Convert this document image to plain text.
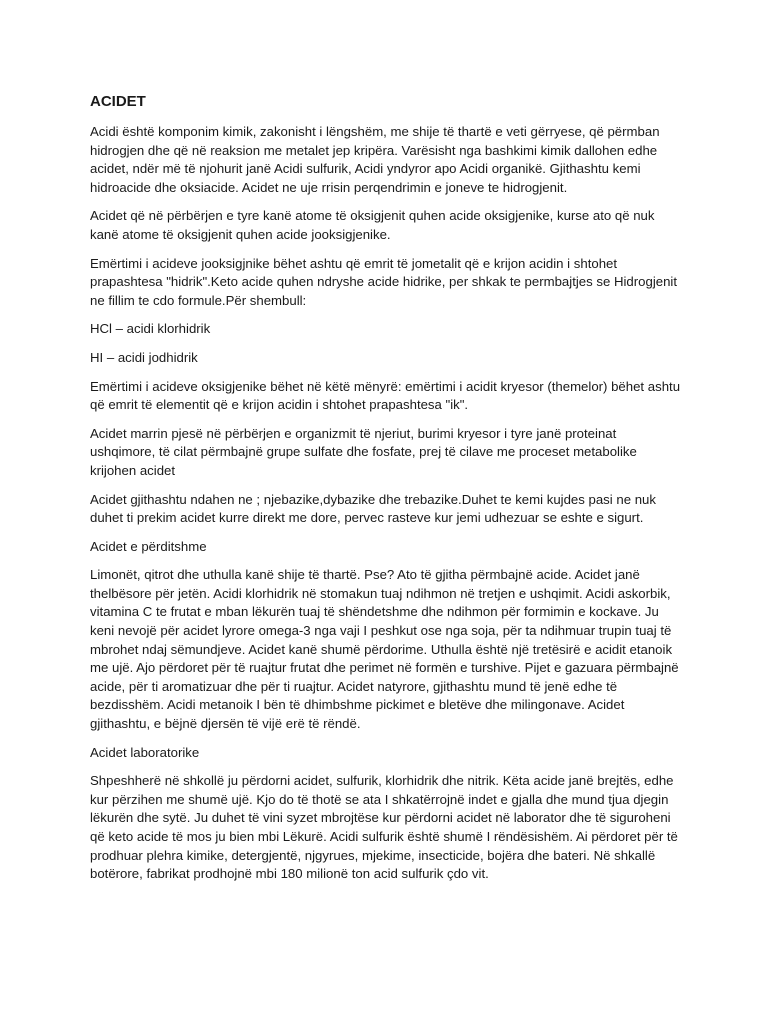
ACIDET

Acidi është komponim kimik, zakonisht i lëngshëm, me shije të thartë e veti gërryese, që përmban hidrogjen dhe që në reaksion me metalet jep kripëra. Varësisht nga bashkimi kimik dallohen edhe acidet, ndër më të njohurit janë Acidi sulfurik, Acidi yndyror apo Acidi organikë. Gjithashtu kemi hidroacide dhe oksiacide. Acidet ne uje rrisin perqendrimin e joneve te hidrogjenit.

Acidet që në përbërjen e tyre kanë atome të oksigjenit quhen acide oksigjenike, kurse ato që nuk kanë atome të oksigjenit quhen acide jooksigjenike.

Emërtimi i acideve jooksigjnike bëhet ashtu që emrit të jometalit që e krijon acidin i shtohet prapashtesa "hidrik".Keto acide quhen ndryshe acide hidrike, per shkak te permbajtjes se Hidrogjenit ne fillim te cdo formule.Për shembull:

HCl – acidi klorhidrik

HI – acidi jodhidrik

Emërtimi i acideve oksigjenike bëhet në këtë mënyrë: emërtimi i acidit kryesor (themelor) bëhet ashtu që emrit të elementit që e krijon acidin i shtohet prapashtesa "ik".

Acidet marrin pjesë në përbërjen e organizmit të njeriut, burimi kryesor i tyre janë proteinat ushqimore, të cilat përmbajnë grupe sulfate dhe fosfate, prej të cilave me proceset metabolike krijohen acidet

Acidet gjithashtu ndahen ne ; njebazike,dybazike dhe trebazike.Duhet te kemi kujdes pasi ne nuk duhet ti prekim acidet kurre direkt me dore, pervec rasteve kur jemi udhezuar se eshte e sigurt.

Acidet e përditshme

Limonët, qitrot dhe uthulla kanë shije të thartë. Pse? Ato të gjitha përmbajnë acide. Acidet janë thelbësore për jetën. Acidi klorhidrik në stomakun tuaj ndihmon në tretjen e ushqimit. Acidi askorbik, vitamina C te frutat e mban lëkurën tuaj të shëndetshme dhe ndihmon për formimin e kockave. Ju keni nevojë për acidet lyrore omega-3 nga vaji I peshkut ose nga soja, për ta ndihmuar trupin tuaj të mbrohet ndaj sëmundjeve. Acidet kanë shumë përdorime. Uthulla është një tretësirë e acidit etanoik me ujë. Ajo përdoret për të ruajtur frutat dhe perimet në formën e turshive. Pijet e gazuara përmbajnë acide, për ti aromatizuar dhe për ti ruajtur. Acidet natyrore, gjithashtu mund të jenë edhe të bezdisshëm. Acidi metanoik I bën të dhimbshme pickimet e bletëve dhe milingonave. Acidet gjithashtu, e bëjnë djersën të vijë erë të rëndë.

Acidet laboratorike

Shpeshherë në shkollë ju përdorni acidet, sulfurik, klorhidrik dhe nitrik. Këta acide janë brejtës, edhe kur përzihen me shumë ujë. Kjo do të thotë se ata I shkatërrojnë indet e gjalla dhe mund tjua djegin lëkurën dhe sytë. Ju duhet të vini syzet mbrojtëse kur përdorni acidet në laborator dhe të siguroheni që keto acide të mos ju bien mbi Lëkurë. Acidi sulfurik është shumë I rëndësishëm. Ai përdoret për të prodhuar plehra kimike, detergjentë, njgyrues, mjekime, insecticide, bojëra dhe bateri. Në shkallë botërore, fabrikat prodhojnë mbi 180 milionë ton acid sulfurik çdo vit.
